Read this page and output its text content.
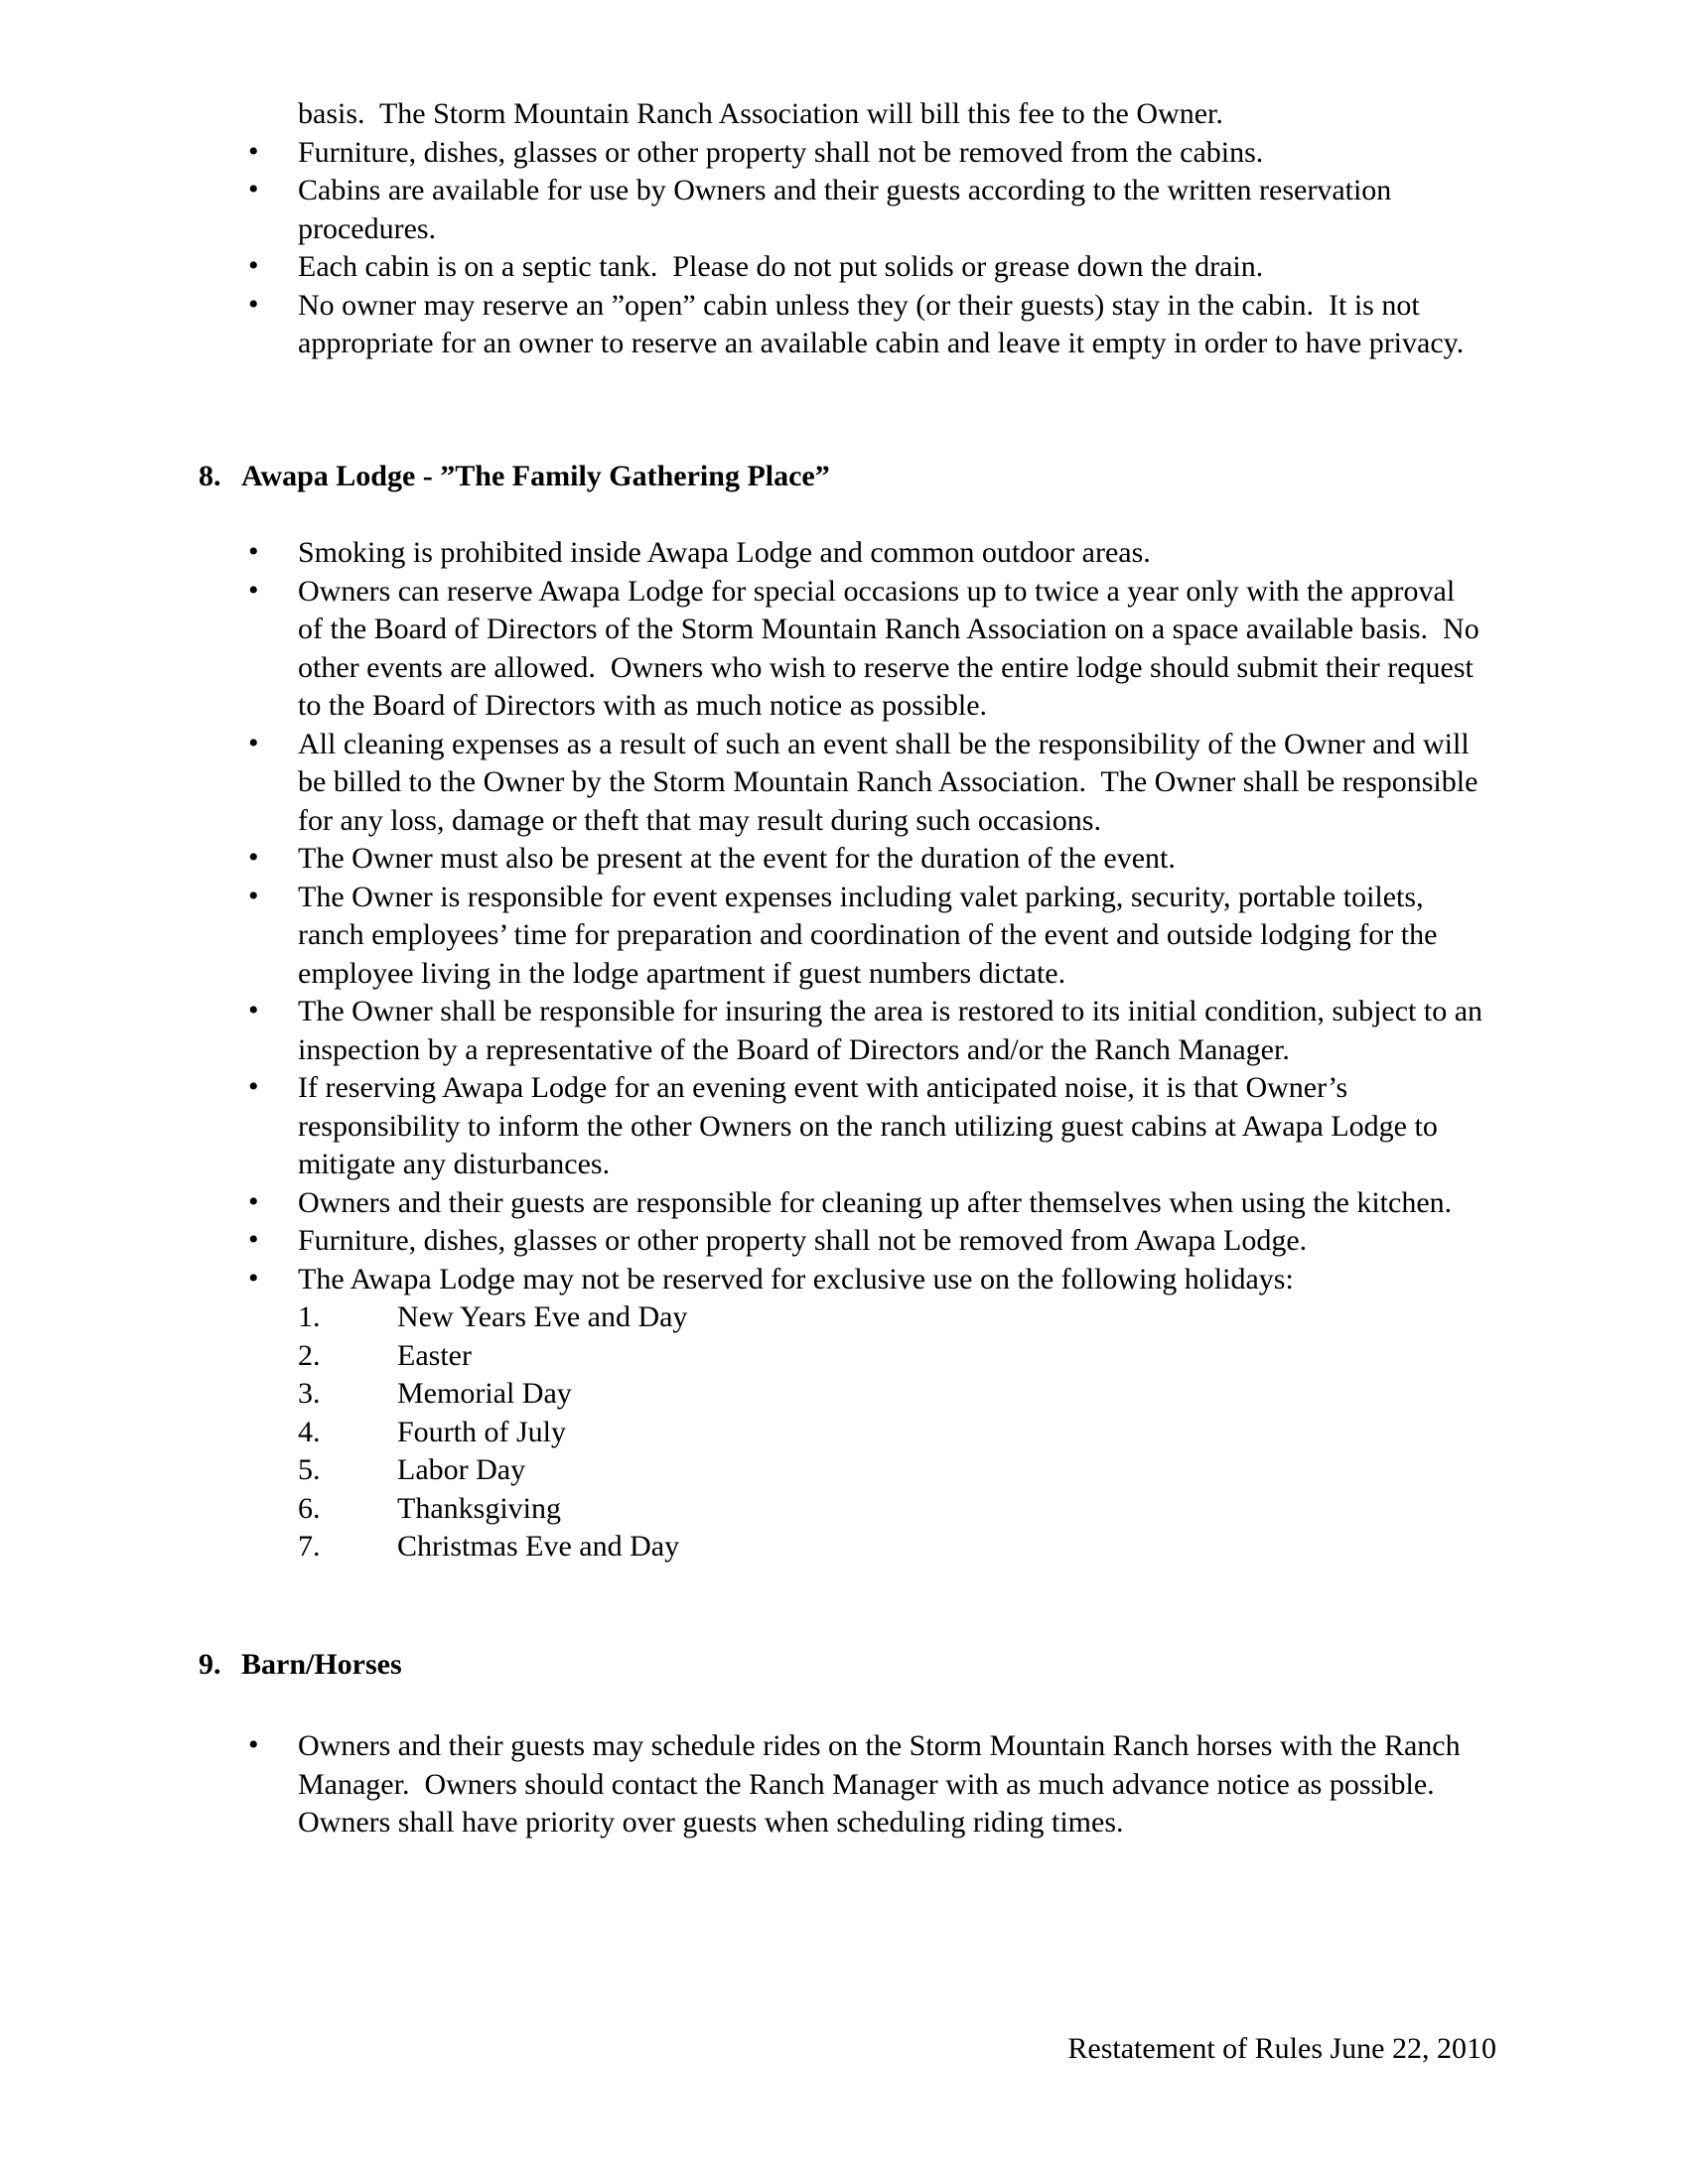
basis.  The Storm Mountain Ranch Association will bill this fee to the Owner.

• Furniture, dishes, glasses or other property shall not be removed from the cabins.
• Cabins are available for use by Owners and their guests according to the written reservation procedures.
• Each cabin is on a septic tank.  Please do not put solids or grease down the drain.
• No owner may reserve an ”open” cabin unless they (or their guests) stay in the cabin.  It is not appropriate for an owner to reserve an available cabin and leave it empty in order to have privacy.
8. Awapa Lodge - ”The Family Gathering Place”
• Smoking is prohibited inside Awapa Lodge and common outdoor areas.
• Owners can reserve Awapa Lodge for special occasions up to twice a year only with the approval of the Board of Directors of the Storm Mountain Ranch Association on a space available basis.  No other events are allowed.  Owners who wish to reserve the entire lodge should submit their request to the Board of Directors with as much notice as possible.
• All cleaning expenses as a result of such an event shall be the responsibility of the Owner and will be billed to the Owner by the Storm Mountain Ranch Association.  The Owner shall be responsible for any loss, damage or theft that may result during such occasions.
• The Owner must also be present at the event for the duration of the event.
• The Owner is responsible for event expenses including valet parking, security, portable toilets, ranch employees’ time for preparation and coordination of the event and outside lodging for the employee living in the lodge apartment if guest numbers dictate.
• The Owner shall be responsible for insuring the area is restored to its initial condition, subject to an inspection by a representative of the Board of Directors and/or the Ranch Manager.
• If reserving Awapa Lodge for an evening event with anticipated noise, it is that Owner’s responsibility to inform the other Owners on the ranch utilizing guest cabins at Awapa Lodge to mitigate any disturbances.
• Owners and their guests are responsible for cleaning up after themselves when using the kitchen.
• Furniture, dishes, glasses or other property shall not be removed from Awapa Lodge.
• The Awapa Lodge may not be reserved for exclusive use on the following holidays:
1.	New Years Eve and Day
2.	Easter
3.	Memorial Day
4.	Fourth of July
5.	Labor Day
6.	Thanksgiving
7.	Christmas Eve and Day
9. Barn/Horses
• Owners and their guests may schedule rides on the Storm Mountain Ranch horses with the Ranch Manager.  Owners should contact the Ranch Manager with as much advance notice as possible.  Owners shall have priority over guests when scheduling riding times.
Restatement of Rules June 22, 2010
